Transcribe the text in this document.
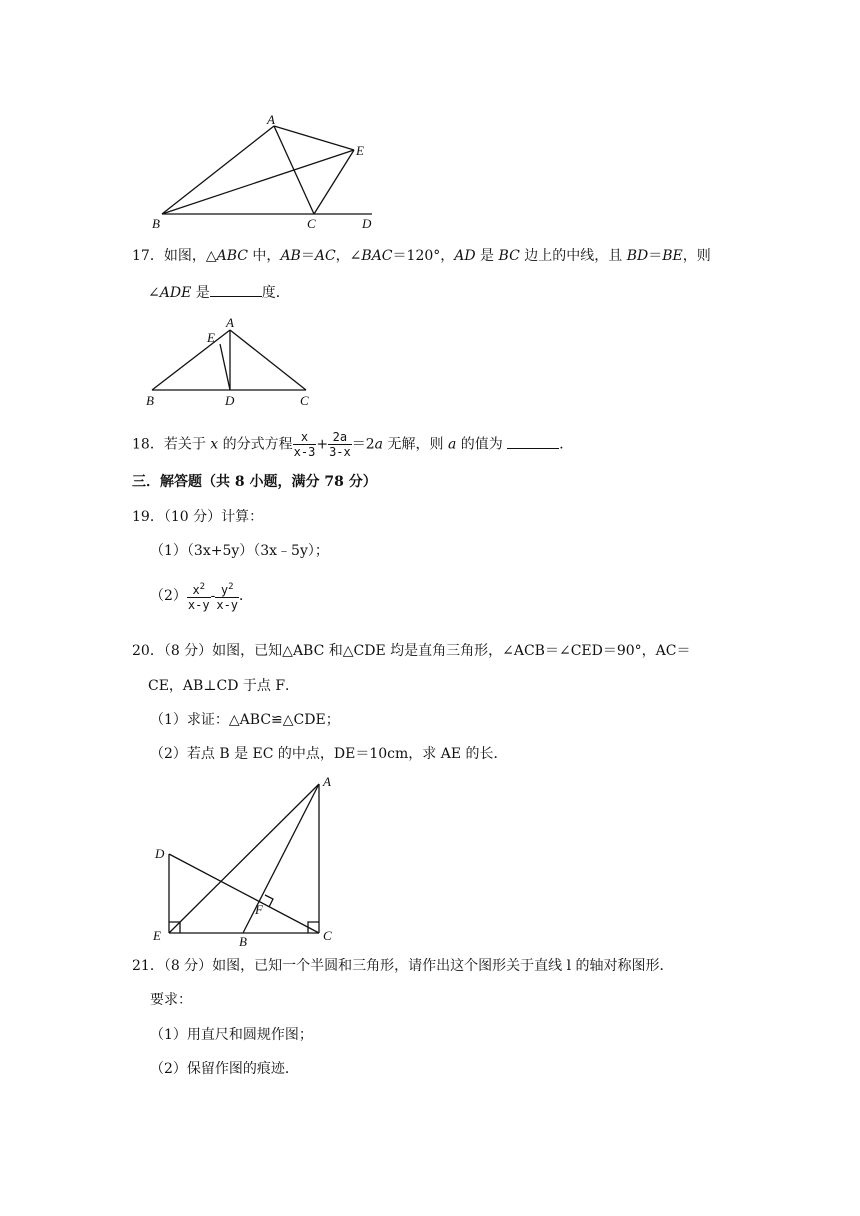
A
E
B	C	D
17．如图，△ABC 中，AB＝AC，∠BAC＝120°，AD 是 BC 边上的中线，且 BD＝BE，则
∠ADE 是	度．
A
E
B	D	C
18．若关于 x 的分式方程 $\frac{x}{x-3} + \frac{2a}{3-x} =2a$ 无解，则 a 的值为	．
三．解答题（共 8 小题，满分 78 分）
19．（10 分）计算：
（1）（3x+5y）（3x﹣5y）；
$(2) \frac{x^2}{x-y} - \frac{y^2}{x-y}$ ．
20．（8 分）如图，已知△ABC 和△CDE 均是直角三角形，∠ACB＝∠CED＝90°，AC＝
CE，AB⊥CD 于点 F．
（1）求证：△ABC≌△CDE；
（2）若点 B 是 EC 的中点，DE＝10cm，求 AE 的长．
A
D
F
E	B	C
21．（8 分）如图，已知一个半圆和三角形，请作出这个图形关于直线 l 的轴对称图形．
要求：
（1）用直尺和圆规作图；
（2）保留作图的痕迹．
